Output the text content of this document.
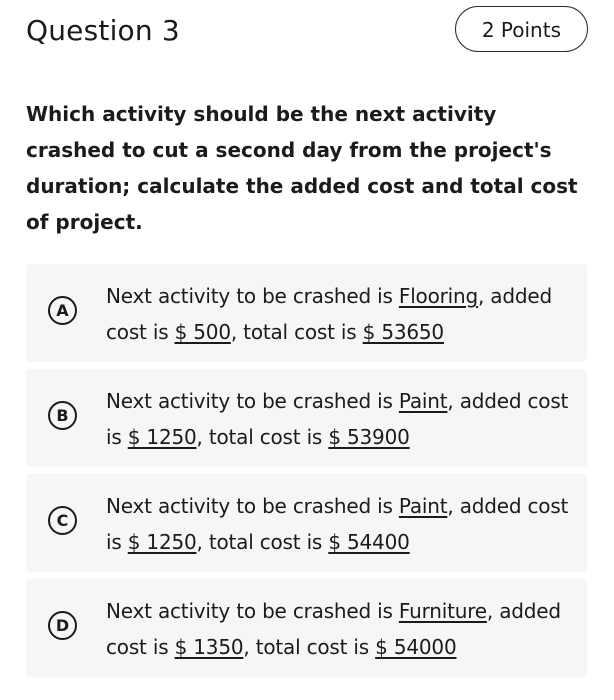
Question 3	2 Points
Which activity should be the next activity crashed to cut a second day from the project's duration; calculate the added cost and total cost of project.
A
Next activity to be crashed is Flooring, added cost is $ 500, total cost is $ 53650
B
Next activity to be crashed is Paint, added cost is $ 1250, total cost is $ 53900
C
Next activity to be crashed is Paint, added cost is $ 1250, total cost is $ 54400
D
Next activity to be crashed is Furniture, added cost is $ 1350, total cost is $ 54000
